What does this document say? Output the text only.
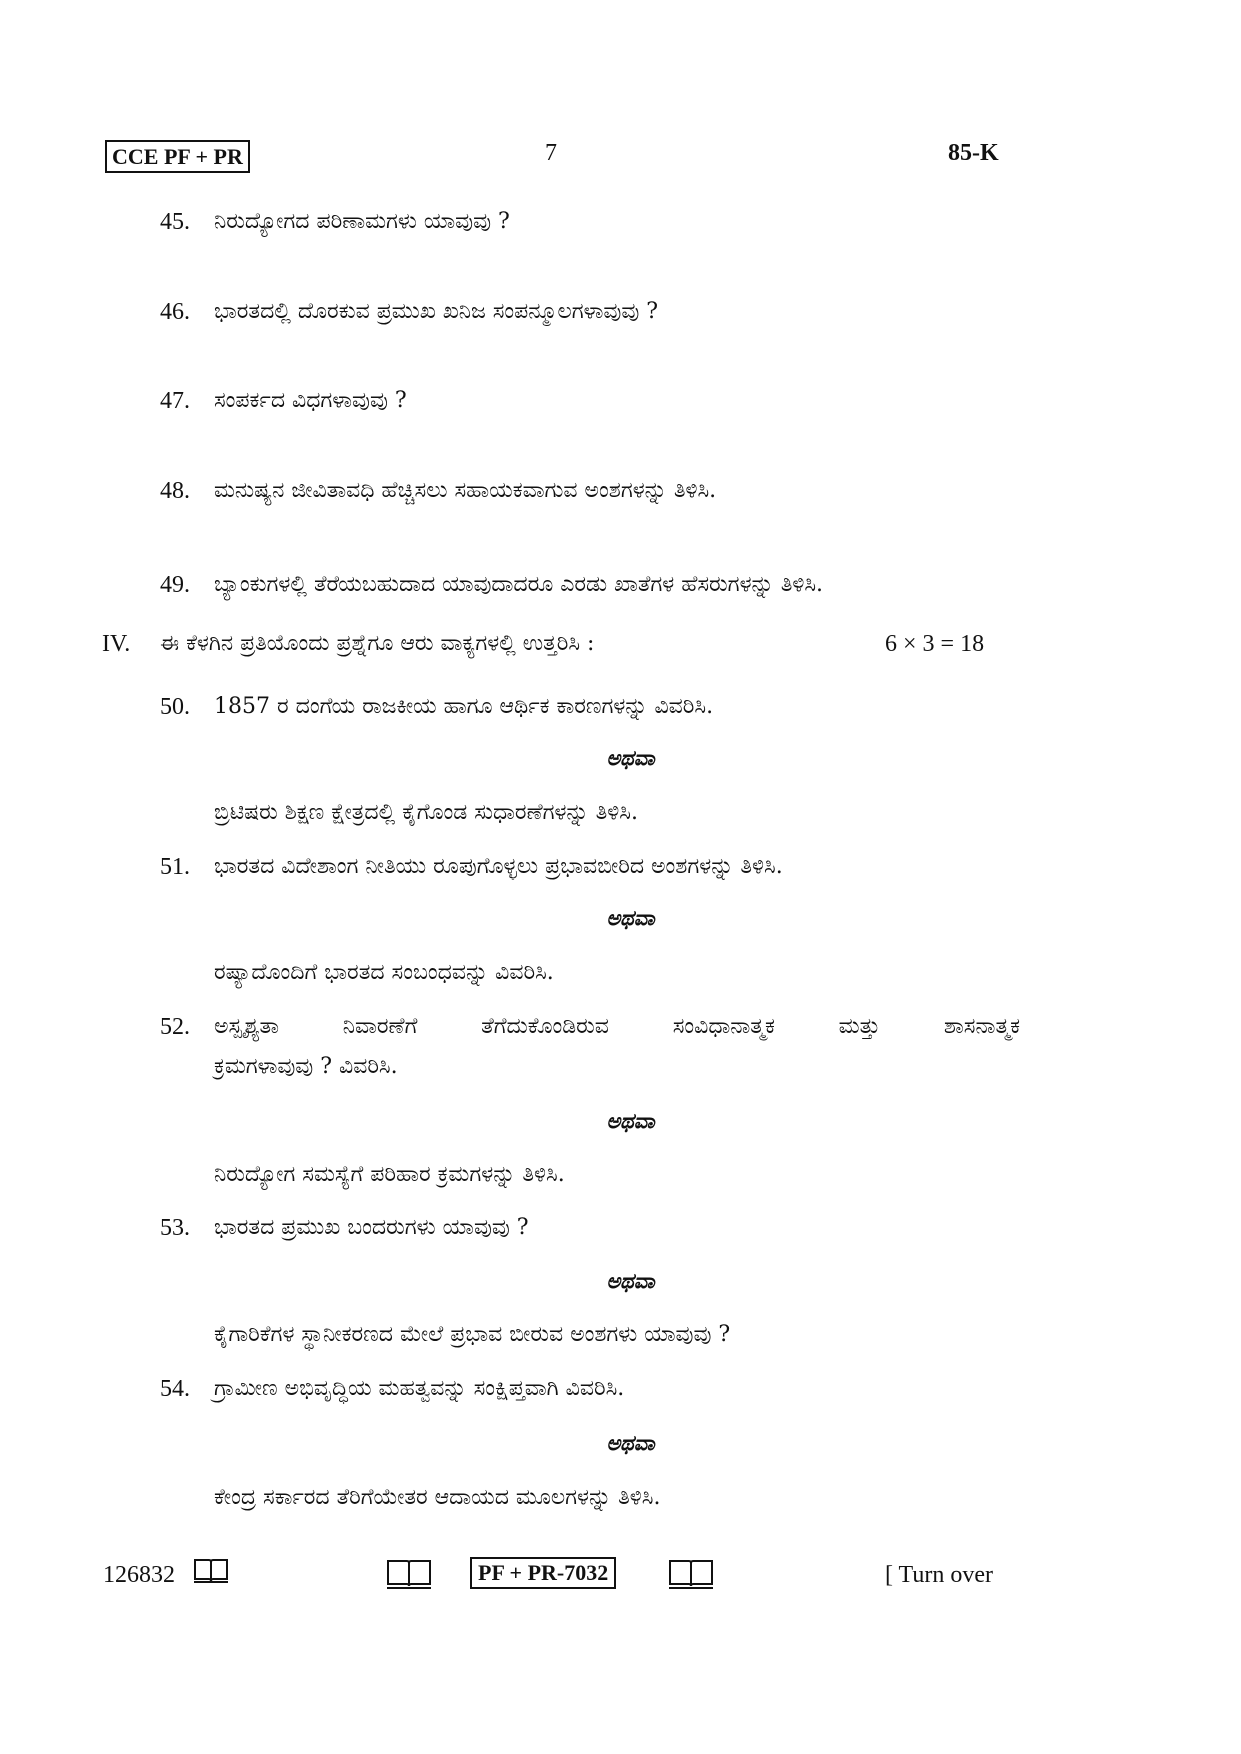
CCE PF + PR	7	85-K
45. ನಿರುದ್ಯೋಗದ ಪರಿಣಾಮಗಳು ಯಾವುವು ?
46. ಭಾರತದಲ್ಲಿ ದೊರಕುವ ಪ್ರಮುಖ ಖನಿಜ ಸಂಪನ್ಮೂಲಗಳಾವುವು ?
47. ಸಂಪರ್ಕದ ವಿಧಗಳಾವುವು ?
48. ಮನುಷ್ಯನ ಜೀವಿತಾವಧಿ ಹೆಚ್ಚಿಸಲು ಸಹಾಯಕವಾಗುವ ಅಂಶಗಳನ್ನು ತಿಳಿಸಿ.
49. ಬ್ಯಾಂಕುಗಳಲ್ಲಿ ತೆರೆಯಬಹುದಾದ ಯಾವುದಾದರೂ ಎರಡು ಖಾತೆಗಳ ಹೆಸರುಗಳನ್ನು ತಿಳಿಸಿ.
IV. ಈ ಕೆಳಗಿನ ಪ್ರತಿಯೊಂದು ಪ್ರಶ್ನೆಗೂ ಆರು ವಾಕ್ಯಗಳಲ್ಲಿ ಉತ್ತರಿಸಿ :	6 × 3 = 18
50. 1857 ರ ದಂಗೆಯ ರಾಜಕೀಯ ಹಾಗೂ ಆರ್ಥಿಕ ಕಾರಣಗಳನ್ನು ವಿವರಿಸಿ.
ಅಥವಾ
ಬ್ರಿಟಿಷರು ಶಿಕ್ಷಣ ಕ್ಷೇತ್ರದಲ್ಲಿ ಕೈಗೊಂಡ ಸುಧಾರಣೆಗಳನ್ನು ತಿಳಿಸಿ.
51. ಭಾರತದ ವಿದೇಶಾಂಗ ನೀತಿಯು ರೂಪುಗೊಳ್ಳಲು ಪ್ರಭಾವಬೀರಿದ ಅಂಶಗಳನ್ನು ತಿಳಿಸಿ.
ಅಥವಾ
ರಷ್ಯಾದೊಂದಿಗೆ ಭಾರತದ ಸಂಬಂಧವನ್ನು ವಿವರಿಸಿ.
52. ಅಸ್ಪೃಶ್ಯತಾ ನಿವಾರಣೆಗೆ ತೆಗೆದುಕೊಂಡಿರುವ ಸಂವಿಧಾನಾತ್ಮಕ ಮತ್ತು ಶಾಸನಾತ್ಮಕ
ಕ್ರಮಗಳಾವುವು ? ವಿವರಿಸಿ.
ಅಥವಾ
ನಿರುದ್ಯೋಗ ಸಮಸ್ಯೆಗೆ ಪರಿಹಾರ ಕ್ರಮಗಳನ್ನು ತಿಳಿಸಿ.
53. ಭಾರತದ ಪ್ರಮುಖ ಬಂದರುಗಳು ಯಾವುವು ?
ಅಥವಾ
ಕೈಗಾರಿಕೆಗಳ ಸ್ಥಾನೀಕರಣದ ಮೇಲೆ ಪ್ರಭಾವ ಬೀರುವ ಅಂಶಗಳು ಯಾವುವು ?
54. ಗ್ರಾಮೀಣ ಅಭಿವೃದ್ಧಿಯ ಮಹತ್ವವನ್ನು ಸಂಕ್ಷಿಪ್ತವಾಗಿ ವಿವರಿಸಿ.
ಅಥವಾ
ಕೇಂದ್ರ ಸರ್ಕಾರದ ತೆರಿಗೆಯೇತರ ಆದಾಯದ ಮೂಲಗಳನ್ನು ತಿಳಿಸಿ.
126832	PF + PR-7032	[ Turn over
